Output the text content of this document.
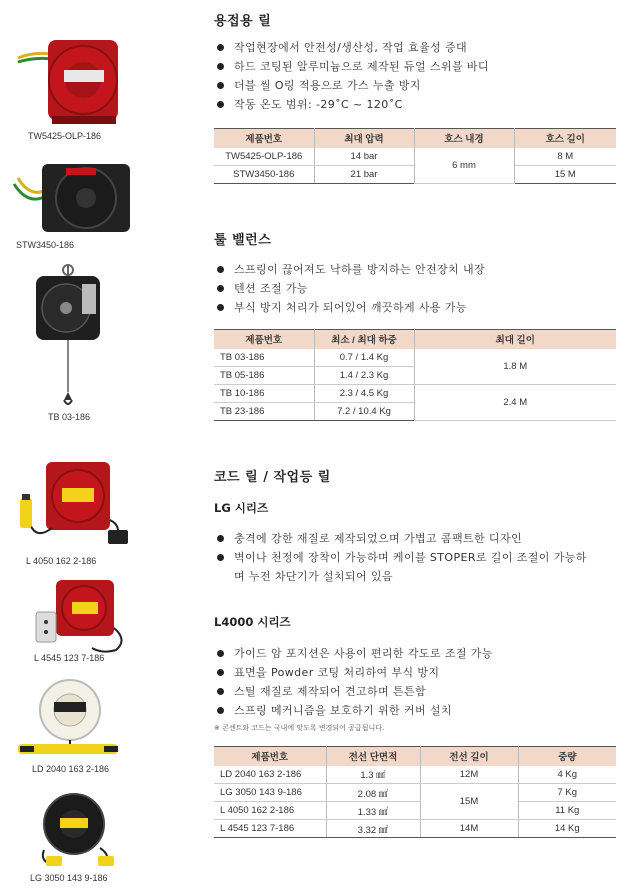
TW5425-OLP-186
STW3450-186
TB 03-186
L 4050 162 2-186
L 4545 123 7-186
LD 2040 163 2-186
LG 3050 143 9-186
용접용 릴
작업현장에서 안전성/생산성, 작업 효율성 증대
하드 코팅된 알루미늄으로 제작된 듀얼 스위블 바디
더블 씰 O링 적용으로 가스 누출 방지
작동 온도 범위: -29˚C ~ 120˚C
제품번호	최대 압력	호스 내경	호스 길이
TW5425-OLP-186	14 bar	6 mm	8 M
STW3450-186	21 bar		15 M
툴 밸런스
스프링이 끊어져도 낙하를 방지하는 안전장치 내장
텐션 조절 가능
부식 방지 처리가 되어있어 깨끗하게 사용 가능
제품번호	최소 / 최대 하중	최대 길이
TB 03-186	0.7 / 1.4 Kg	1.8 M
TB 05-186	1.4 / 2.3 Kg	
TB 10-186	2.3 / 4.5 Kg	2.4 M
TB 23-186	7.2 / 10.4 Kg	
코드 릴 / 작업등 릴
LG 시리즈
충격에 강한 재질로 제작되었으며 가볍고 콤팩트한 디자인
벽이나 천정에 장착이 가능하며 케이블 STOPER로 길이 조절이 가능하
며 누전 차단기가 설치되어 있음
L4000 시리즈
가이드 암 포지션은 사용이 편리한 각도로 조절 가능
표면을 Powder 코팅 처리하여 부식 방지
스틸 재질로 제작되어 견고하며 튼튼함
스프링 메커니즘을 보호하기 위한 커버 설치
※ 콘센트와 코드는 국내에 맞도록 변경되어 공급됩니다.
제품번호	전선 단면적	전선 길이	중량
LD 2040 163 2-186	1.3 ㎟	12M	4 Kg
LG 3050 143 9-186	2.08 ㎟	15M	7 Kg
L 4050 162 2-186	1.33 ㎟		11 Kg
L 4545 123 7-186	3.32 ㎟	14M	14 Kg
